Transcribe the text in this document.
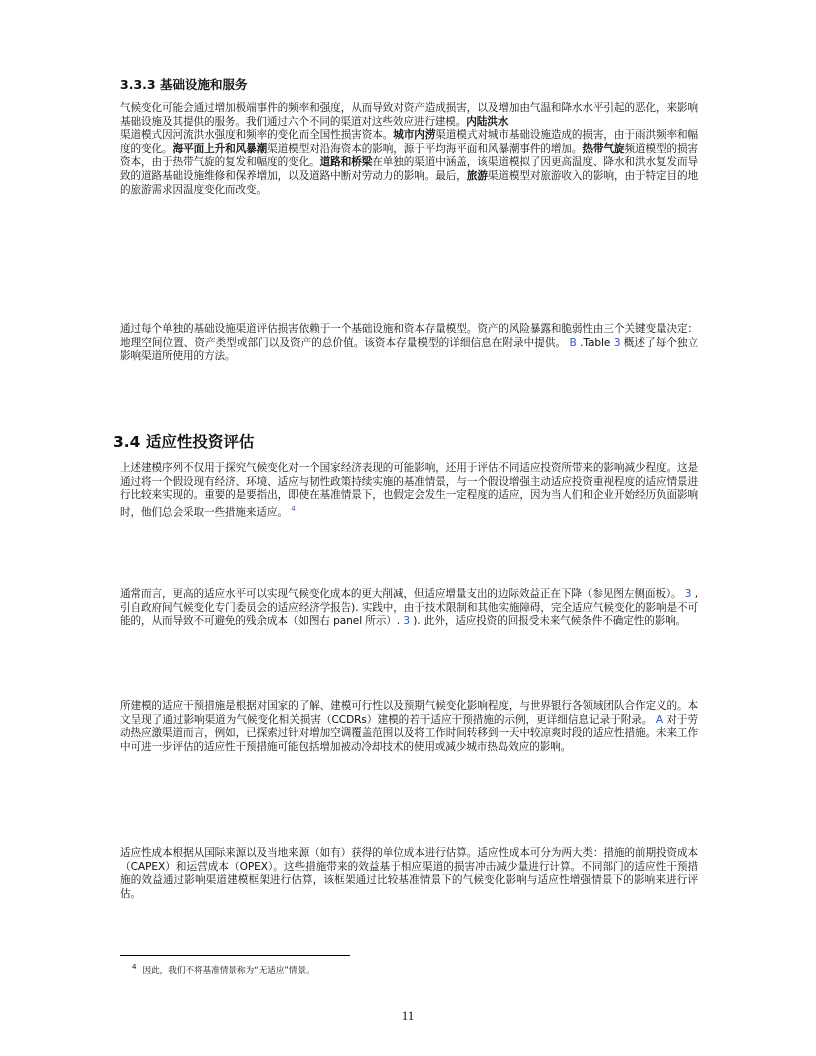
3.3.3 基础设施和服务
气候变化可能会通过增加极端事件的频率和强度，从而导致对资产造成损害，以及增加由气温和降水水平引起的恶化，来影响基础设施及其提供的服务。我们通过六个不同的渠道对这些效应进行建模。内陆洪水
渠道模式因河流洪水强度和频率的变化而全国性损害资本。城市内涝渠道模式对城市基础设施造成的损害，由于雨洪频率和幅度的变化。海平面上升和风暴潮渠道模型对沿海资本的影响，源于平均海平面和风暴潮事件的增加。热带气旋频道模型的损害资本，由于热带气旋的复发和幅度的变化。道路和桥梁在单独的渠道中涵盖，该渠道模拟了因更高温度、降水和洪水复发而导致的道路基础设施维修和保养增加，以及道路中断对劳动力的影响。最后，旅游渠道模型对旅游收入的影响，由于特定目的地的旅游需求因温度变化而改变。
通过每个单独的基础设施渠道评估损害依赖于一个基础设施和资本存量模型。资产的风险暴露和脆弱性由三个关键变量决定：地理空间位置、资产类型或部门以及资产的总价值。该资本存量模型的详细信息在附录中提供。 B .Table 3 概述了每个独立影响渠道所使用的方法。
3.4 适应性投资评估
上述建模序列不仅用于探究气候变化对一个国家经济表现的可能影响，还用于评估不同适应投资所带来的影响减少程度。这是通过将一个假设现有经济、环境、适应与韧性政策持续实施的基准情景，与一个假设增强主动适应投资重视程度的适应情景进行比较来实现的。重要的是要指出，即使在基准情景下，也假定会发生一定程度的适应，因为当人们和企业开始经历负面影响时，他们总会采取一些措施来适应。 $^4$
通常而言，更高的适应水平可以实现气候变化成本的更大削减，但适应增量支出的边际效益正在下降（参见图左侧面板）。 3 ,引自政府间气候变化专门委员会的适应经济学报告). 实践中，由于技术限制和其他实施障碍，完全适应气候变化的影响是不可能的，从而导致不可避免的残余成本（如图右 panel 所示）. 3 ). 此外，适应投资的回报受未来气候条件不确定性的影响。
所建模的适应干预措施是根据对国家的了解、建模可行性以及预期气候变化影响程度，与世界银行各领域团队合作定义的。本文呈现了通过影响渠道为气候变化相关损害（CCDRs）建模的若干适应干预措施的示例，更详细信息记录于附录。 A 对于劳动热应激渠道而言，例如，已探索过针对增加空调覆盖范围以及将工作时间转移到一天中较凉爽时段的适应性措施。未来工作中可进一步评估的适应性干预措施可能包括增加被动冷却技术的使用或减少城市热岛效应的影响。
适应性成本根据从国际来源以及当地来源（如有）获得的单位成本进行估算。适应性成本可分为两大类：措施的前期投资成本（CAPEX）和运营成本（OPEX）。这些措施带来的效益基于相应渠道的损害冲击减少量进行计算。不同部门的适应性干预措施的效益通过影响渠道建模框架进行估算，该框架通过比较基准情景下的气候变化影响与适应性增强情景下的影响来进行评估。
$^4$ 因此，我们不将基准情景称为“无适应”情景。
11
